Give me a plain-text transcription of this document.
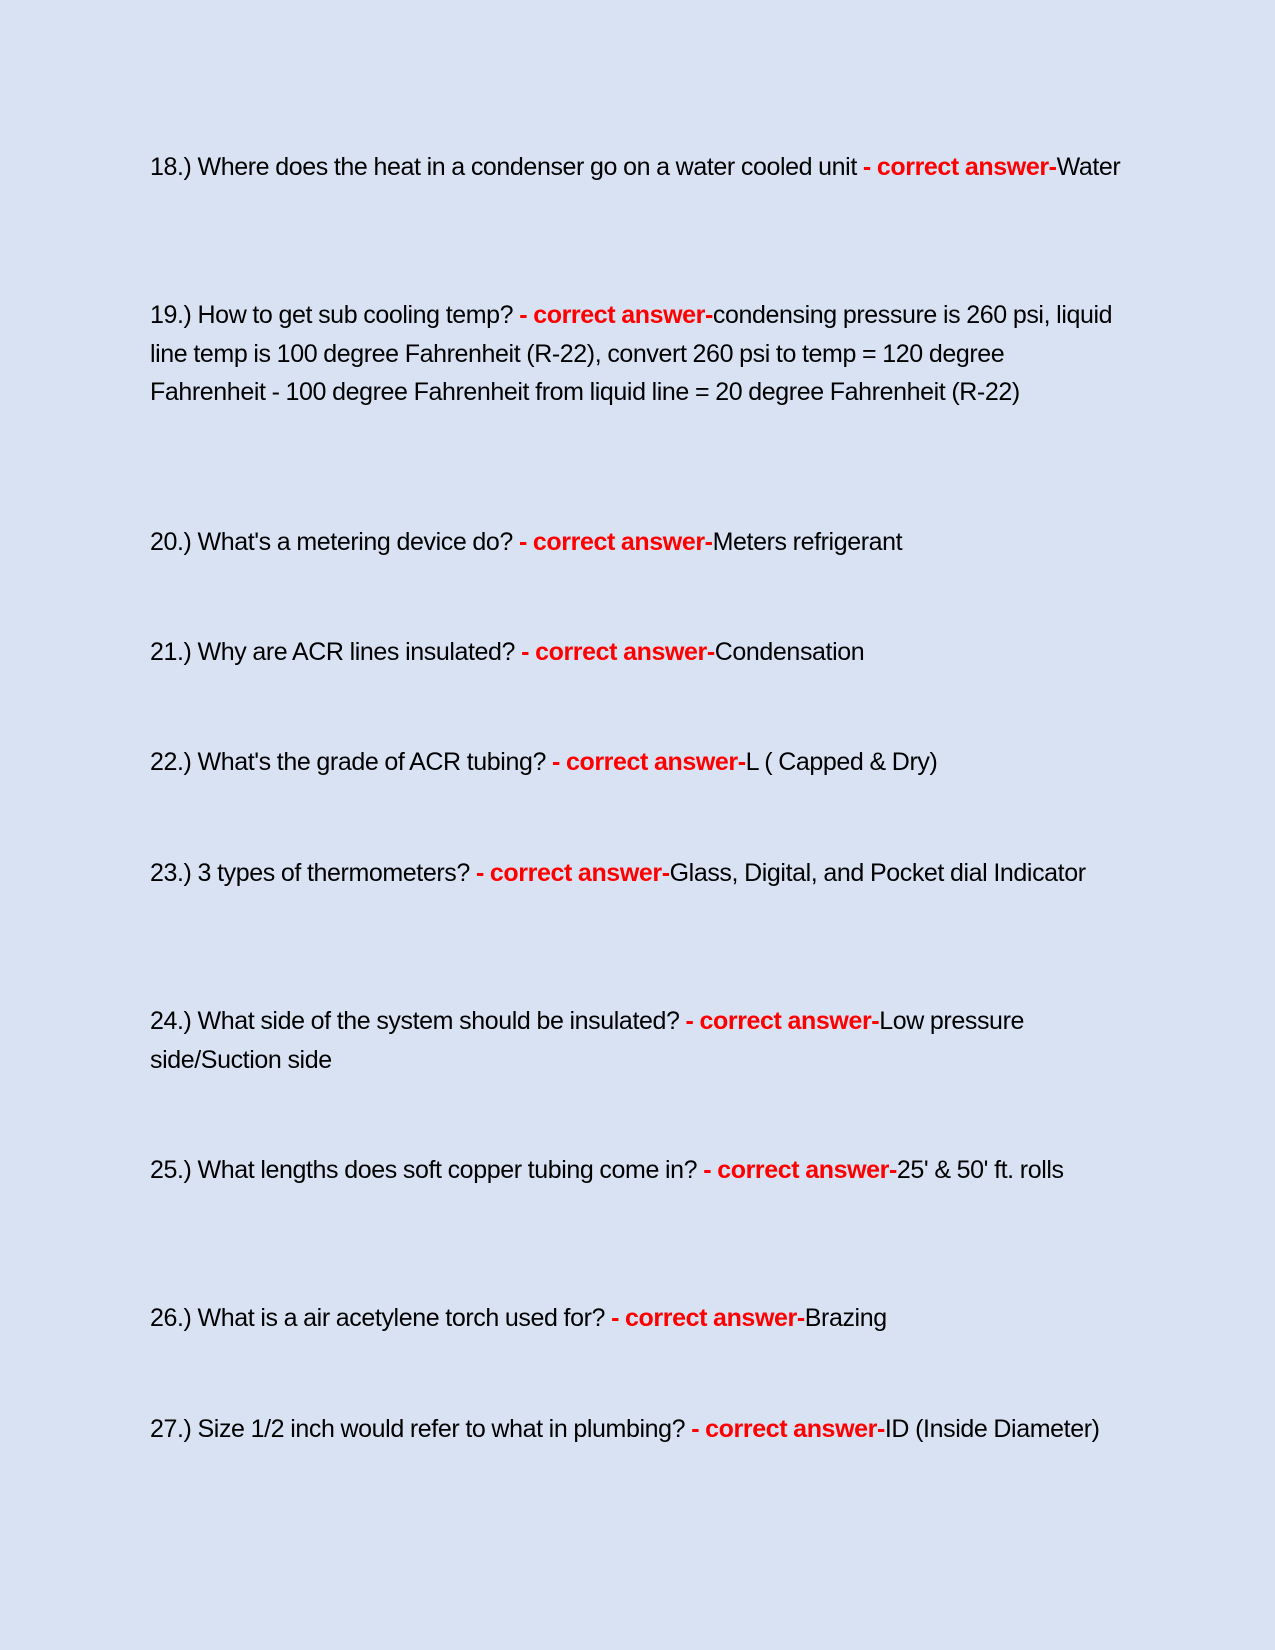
18.) Where does the heat in a condenser go on a water cooled unit - correct answer-Water

19.) How to get sub cooling temp? - correct answer-condensing pressure is 260 psi, liquid line temp is 100 degree Fahrenheit (R-22), convert 260 psi to temp = 120 degree Fahrenheit - 100 degree Fahrenheit from liquid line = 20 degree Fahrenheit (R-22)

20.) What's a metering device do? - correct answer-Meters refrigerant

21.) Why are ACR lines insulated? - correct answer-Condensation

22.) What's the grade of ACR tubing? - correct answer-L ( Capped & Dry)

23.) 3 types of thermometers? - correct answer-Glass, Digital, and Pocket dial Indicator

24.) What side of the system should be insulated? - correct answer-Low pressure side/Suction side

25.) What lengths does soft copper tubing come in? - correct answer-25' & 50' ft. rolls

26.) What is a air acetylene torch used for? - correct answer-Brazing

27.) Size 1/2 inch would refer to what in plumbing? - correct answer-ID (Inside Diameter)
